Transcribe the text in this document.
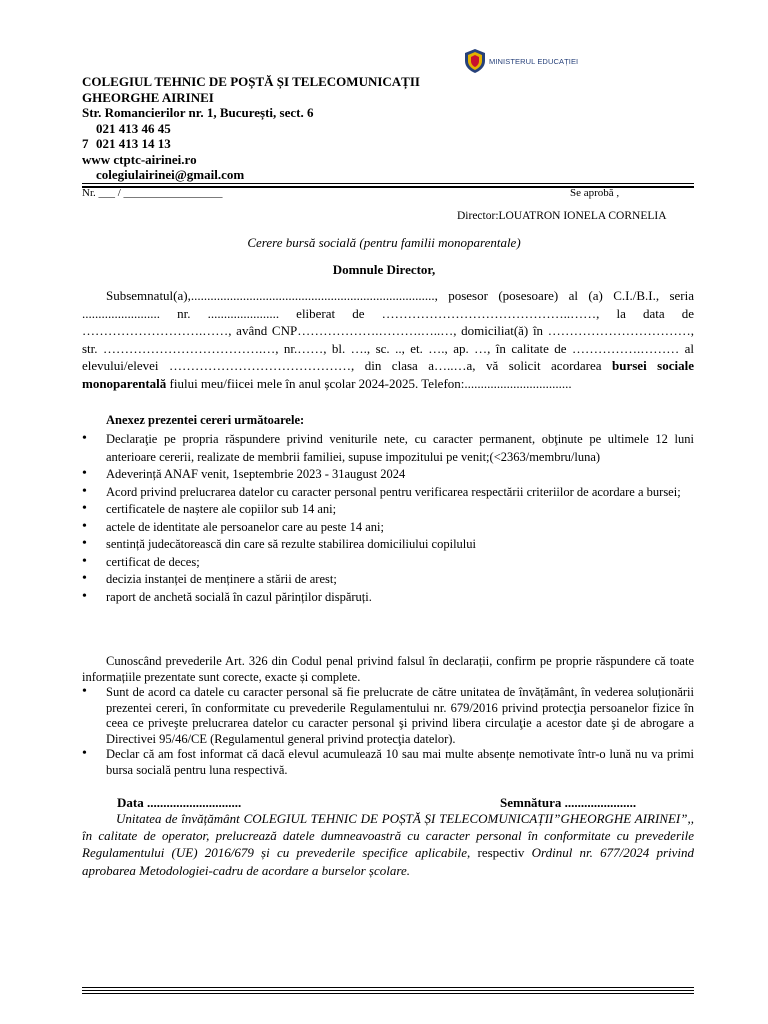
MINISTERUL EDUCAȚIEI
COLEGIUL TEHNIC DE POȘTĂ ȘI TELECOMUNICAȚII
GHEORGHE AIRINEI
Str. Romancierilor nr. 1, București, sect. 6
021 413 46 45
7 021 413 14 13
www ctptc-airinei.ro
colegiulairinei@gmail.com
Nr. ___ / __________________	Se aprobă ,
Director:LOUATRON IONELA CORNELIA
Cerere bursă socială (pentru familii monoparentale)
Domnule Director,
Subsemnatul(a),..........................................................................., posesor (posesoare) al (a) C.I./B.I., seria ........................ nr. ...................... eliberat de ……………………………………..……, la data de ……………………….……, având CNP……………….……….…..…, domiciliat(ă) în ……………………………, str. ……………………………….…, nr.……, bl. …., sc. .., et. …., ap. …, în calitate de …………….……… al elevului/elevei ……………………………………, din clasa a…..…a, vă solicit acordarea bursei sociale monoparentală fiului meu/fiicei mele în anul școlar 2024-2025. Telefon:.................................
Anexez prezentei cereri următoarele:
• Declaraţie pe propria răspundere privind veniturile nete, cu caracter permanent, obţinute pe ultimele 12 luni anterioare cererii, realizate de membrii familiei, supuse impozitului pe venit;(<2363/membru/luna)
• Adeverință ANAF venit, 1septembrie 2023 - 31august 2024
• Acord privind prelucrarea datelor cu caracter personal pentru verificarea respectării criteriilor de acordare a bursei;
• certificatele de naștere ale copiilor sub 14 ani;
• actele de identitate ale persoanelor care au peste 14 ani;
• sentință judecătorească din care să rezulte stabilirea domiciliului copilului
• certificat de deces;
• decizia instanței de menținere a stării de arest;
• raport de anchetă socială în cazul părinților dispăruți.
Cunoscând prevederile Art. 326 din Codul penal privind falsul în declarații, confirm pe proprie răspundere că toate informațiile prezentate sunt corecte, exacte și complete.
• Sunt de acord ca datele cu caracter personal să fie prelucrate de către unitatea de învățământ, în vederea soluționării prezentei cereri, în conformitate cu prevederile Regulamentului nr. 679/2016 privind protecţia persoanelor fizice în ceea ce priveşte prelucrarea datelor cu caracter personal şi privind libera circulaţie a acestor date şi de abrogare a Directivei 95/46/CE (Regulamentul general privind protecţia datelor).
• Declar că am fost informat că dacă elevul acumulează 10 sau mai multe absențe nemotivate într-o lună nu va primi bursa socială pentru luna respectivă.
Data .............................	Semnătura ......................
Unitatea de învățământ COLEGIUL TEHNIC DE POȘTĂ ȘI TELECOMUNICAȚII”GHEORGHE AIRINEI”,, în calitate de operator, prelucrează datele dumneavoastră cu caracter personal în conformitate cu prevederile Regulamentului (UE) 2016/679 și cu prevederile specifice aplicabile, respectiv Ordinul nr. 677/2024 privind aprobarea Metodologiei-cadru de acordare a burselor școlare.
